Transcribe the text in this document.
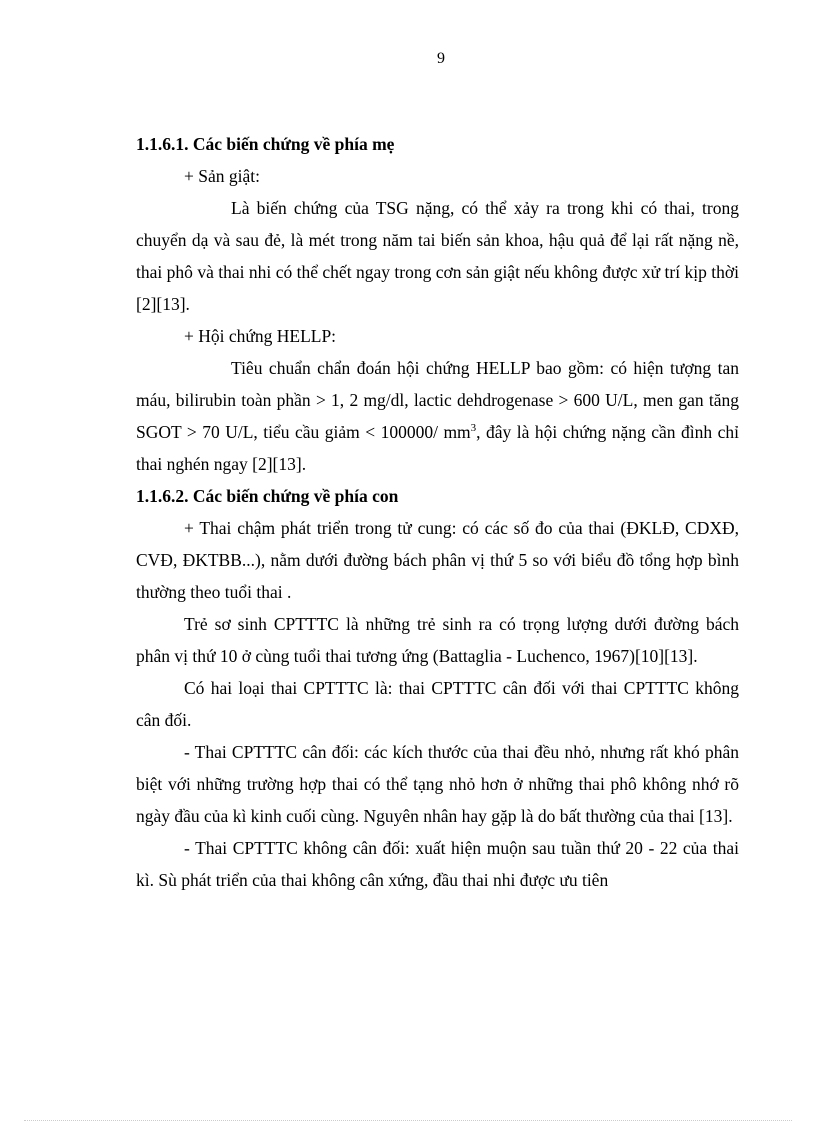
9

1.1.6.1. Các biến chứng về phía mẹ

+ Sản giật:

Là biến chứng của TSG nặng, có thể xảy ra trong khi có thai, trong chuyển dạ và sau đẻ, là mét trong năm tai biến sản khoa, hậu quả để lại rất nặng nề, thai phô và thai nhi có thể chết ngay trong cơn sản giật nếu không được xử trí kịp thời [2][13].

+ Hội chứng HELLP:

Tiêu chuẩn chẩn đoán hội chứng HELLP bao gồm: có hiện tượng tan máu, bilirubin toàn phần > 1, 2 mg/dl, lactic dehdrogenase > 600 U/L, men gan tăng SGOT > 70 U/L, tiểu cầu giảm < 100000/ $mm^3$, đây là hội chứng nặng cần đình chỉ thai nghén ngay [2][13].

1.1.6.2. Các biến chứng về phía con

+ Thai chậm phát triển trong tử cung: có các số đo của thai (ĐKLĐ, CDXĐ, CVĐ, ĐKTBB...), nằm dưới đường bách phân vị thứ 5 so với biểu đồ tổng hợp bình thường theo tuổi thai .

Trẻ sơ sinh CPTTTC là những trẻ sinh ra có trọng lượng dưới đường bách phân vị thứ 10 ở cùng tuổi thai tương ứng (Battaglia - Luchenco, 1967)[10][13].

Có hai loại thai CPTTTC là: thai CPTTTC cân đối với thai CPTTTC không cân đối.

- Thai CPTTTC cân đối: các kích thước của thai đều nhỏ, nhưng rất khó phân biệt với những trường hợp thai có thể tạng nhỏ hơn ở những thai phô không nhớ rõ ngày đầu của kì kinh cuối cùng. Nguyên nhân hay gặp là do bất thường của thai [13].

- Thai CPTTTC không cân đối: xuất hiện muộn sau tuần thứ 20 - 22 của thai kì. Sù phát triển của thai không cân xứng, đầu thai nhi được ưu tiên
